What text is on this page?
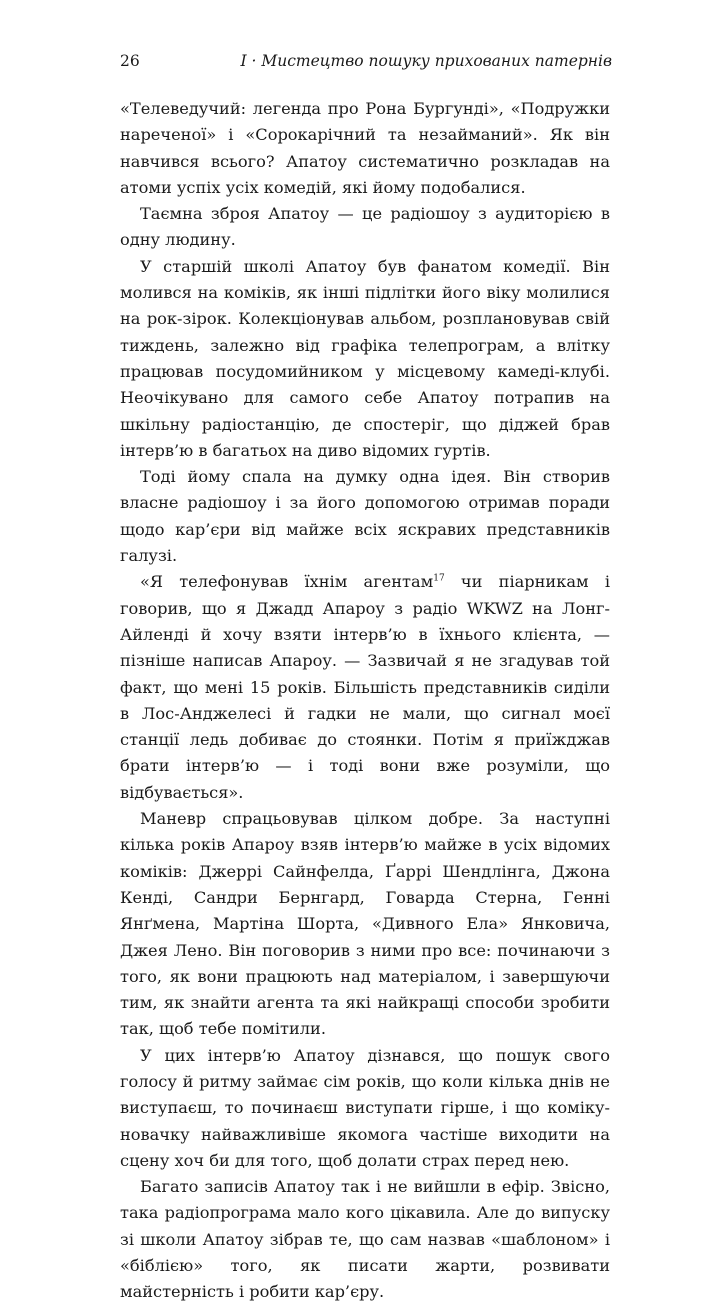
26	I · Мистецтво пошуку прихованих патернів

«Телеведучий: легенда про Рона Бургунді», «Подружки нареченої» і «Сорокарічний та незайманий». Як він навчився всього? Апатоу систематично розкладав на атоми успіх усіх комедій, які йому подобалися.

Таємна зброя Апатоу — це радіошоу з аудиторією в одну людину.

У старшій школі Апатоу був фанатом комедії. Він молився на коміків, як інші підлітки його віку молилися на рок-зірок. Колекціонував альбом, розплановував свій тиждень, залежно від графіка телепрограм, а влітку працював посудомийником у місцевому камеді-клубі. Неочікувано для самого себе Апатоу потрапив на шкільну радіостанцію, де спостеріг, що діджей брав інтерв’ю в багатьох на диво відомих гуртів.

Тоді йому спала на думку одна ідея. Він створив власне радіошоу і за його допомогою отримав поради щодо кар’єри від майже всіх яскравих представників галузі.

«Я телефонував їхнім агентам$^{17}$ чи піарникам і говорив, що я Джадд Апароу з радіо WKWZ на Лонг-Айленді й хочу взяти інтерв’ю в їхнього клієнта, — пізніше написав Апароу. — Зазвичай я не згадував той факт, що мені 15 років. Більшість представників сиділи в Лос-Анджелесі й гадки не мали, що сигнал моєї станції ледь добиває до стоянки. Потім я приїжджав брати інтерв’ю — і тоді вони вже розуміли, що відбувається».

Маневр спрацьовував цілком добре. За наступні кілька років Апароу взяв інтерв’ю майже в усіх відомих коміків: Джеррі Сайнфелда, Ґаррі Шендлінга, Джона Кенді, Сандри Бернгард, Говарда Стерна, Генні Янґмена, Мартіна Шорта, «Дивного Ела» Янковича, Джея Лено. Він поговорив з ними про все: починаючи з того, як вони працюють над матеріалом, і завершуючи тим, як знайти агента та які найкращі способи зробити так, щоб тебе помітили.

У цих інтерв’ю Апатоу дізнався, що пошук свого голосу й ритму займає сім років, що коли кілька днів не виступаєш, то починаєш виступати гірше, і що коміку-новачку найважливіше якомога частіше виходити на сцену хоч би для того, щоб долати страх перед нею.

Багато записів Апатоу так і не вийшли в ефір. Звісно, така радіопрограма мало кого цікавила. Але до випуску зі школи Апатоу зібрав те, що сам назвав «шаблоном» і «біблією» того, як писати жарти, розвивати майстерність і робити кар’єру.
